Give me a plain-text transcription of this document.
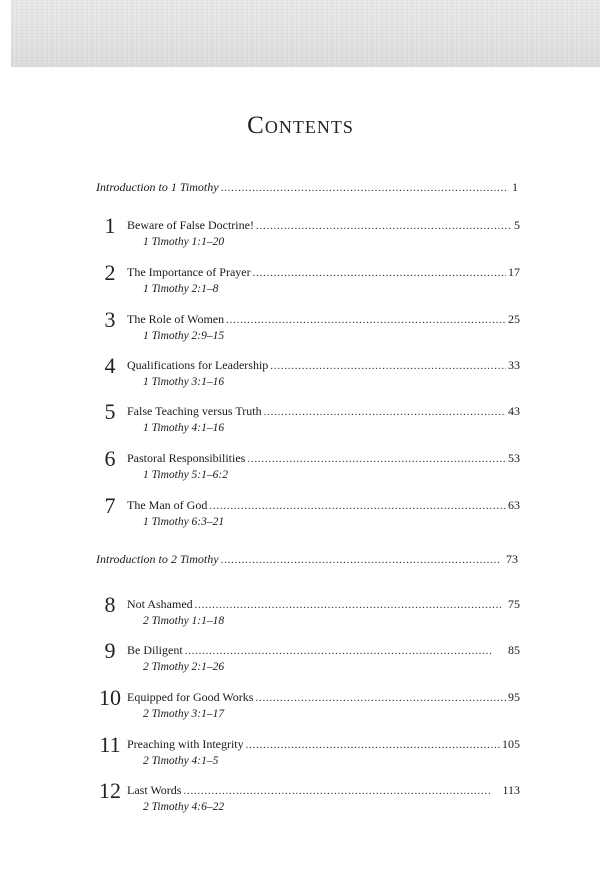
Contents
Introduction to 1 Timothy . . .	1
1 Beware of False Doctrine! . . .	5
1 Timothy 1:1–20
2 The Importance of Prayer . . .	17
1 Timothy 2:1–8
3 The Role of Women . . .	25
1 Timothy 2:9–15
4 Qualifications for Leadership . . .	33
1 Timothy 3:1–16
5 False Teaching versus Truth . . .	43
1 Timothy 4:1–16
6 Pastoral Responsibilities . . .	53
1 Timothy 5:1–6:2
7 The Man of God . . .	63
1 Timothy 6:3–21
Introduction to 2 Timothy . . .	73
8 Not Ashamed . . .	75
2 Timothy 1:1–18
9 Be Diligent . . .	85
2 Timothy 2:1–26
10 Equipped for Good Works . . .	95
2 Timothy 3:1–17
11 Preaching with Integrity . . .	105
2 Timothy 4:1–5
12 Last Words . . .	113
2 Timothy 4:6–22
